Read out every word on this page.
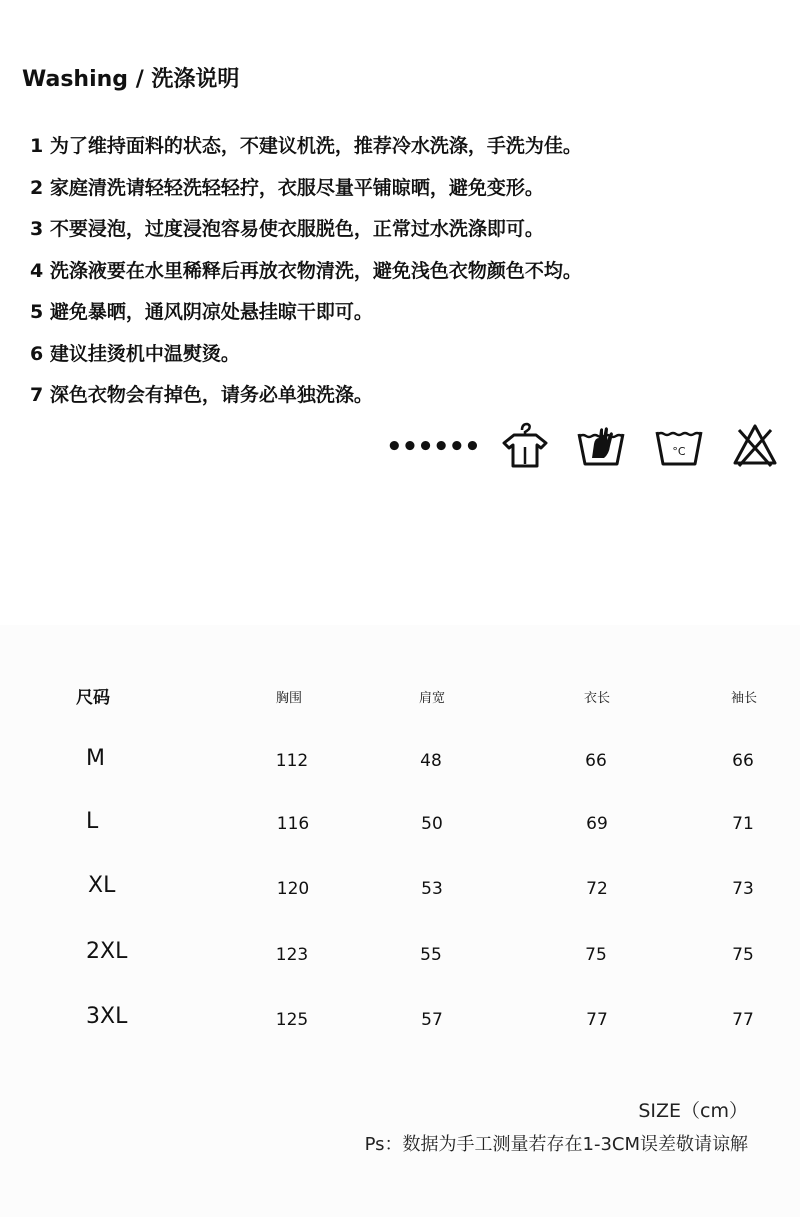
Washing / 洗涤说明
1 为了维持面料的状态，不建议机洗，推荐冷水洗涤，手洗为佳。
2 家庭清洗请轻轻洗轻轻拧，衣服尽量平铺晾晒，避免变形。
3 不要浸泡，过度浸泡容易使衣服脱色，正常过水洗涤即可。
4 洗涤液要在水里稀释后再放衣物清洗，避免浅色衣物颜色不均。
5 避免暴晒，通风阴凉处悬挂晾干即可。
6 建议挂烫机中温熨烫。
7 深色衣物会有掉色，请务必单独洗涤。
••••••	°C
尺码	胸围	肩宽	衣长	袖长
M	112	48	66	66
L	116	50	69	71
XL	120	53	72	73
2XL	123	55	75	75
3XL	125	57	77	77
SIZE（cm）
Ps：数据为手工测量若存在1-3CM误差敬请谅解
